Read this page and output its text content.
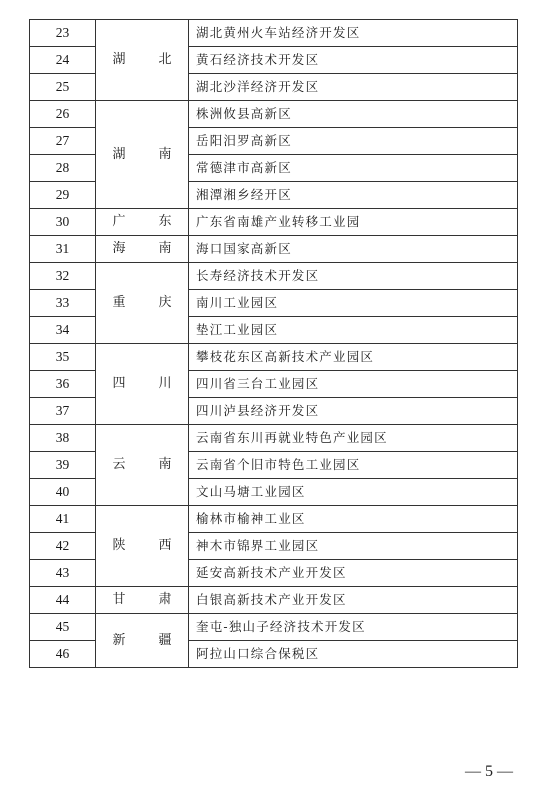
23	湖　北	湖北黄州火车站经济开发区
24		黄石经济技术开发区
25		湖北沙洋经济开发区
26	湖　南	株洲攸县高新区
27		岳阳汨罗高新区
28		常德津市高新区
29		湘潭湘乡经开区
30	广　东	广东省南雄产业转移工业园
31	海　南	海口国家高新区
32	重　庆	长寿经济技术开发区
33		南川工业园区
34		垫江工业园区
35	四　川	攀枝花东区高新技术产业园区
36		四川省三台工业园区
37		四川泸县经济开发区
38	云　南	云南省东川再就业特色产业园区
39		云南省个旧市特色工业园区
40		文山马塘工业园区
41	陕　西	榆林市榆神工业区
42		神木市锦界工业园区
43		延安高新技术产业开发区
44	甘　肃	白银高新技术产业开发区
45	新　疆	奎屯-独山子经济技术开发区
46		阿拉山口综合保税区
— 5 —
